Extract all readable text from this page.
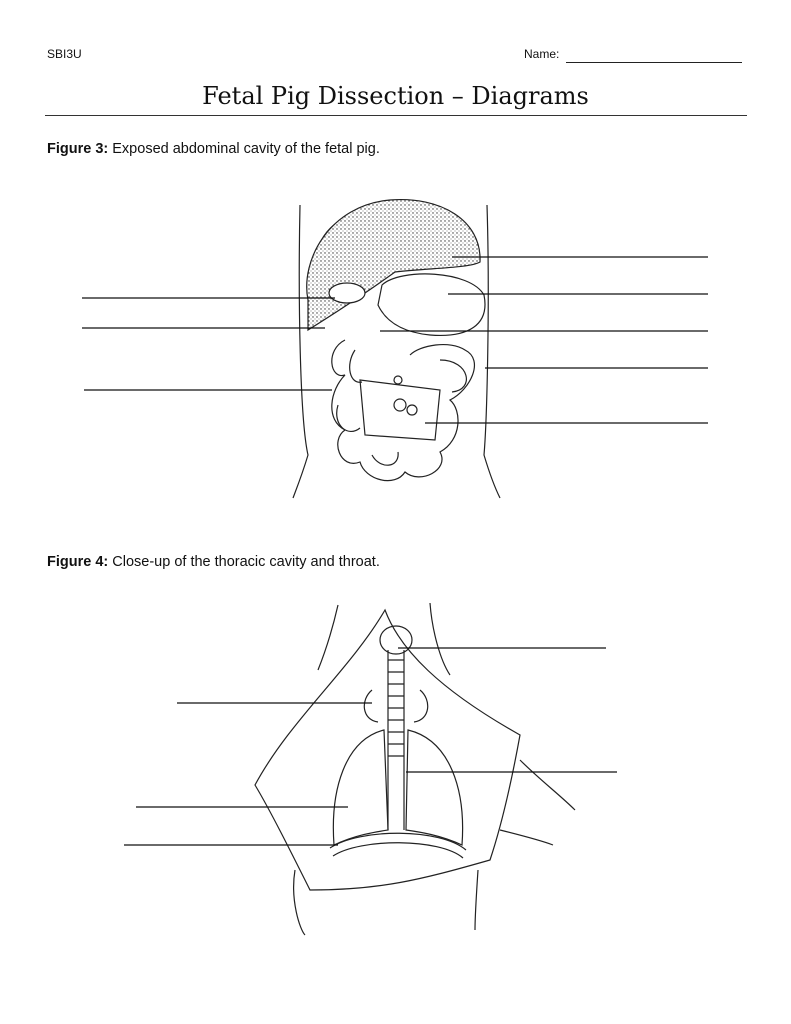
SBI3U	Name:
Fetal Pig Dissection – Diagrams
Figure 3: Exposed abdominal cavity of the fetal pig.
Figure 4: Close-up of the thoracic cavity and throat.
